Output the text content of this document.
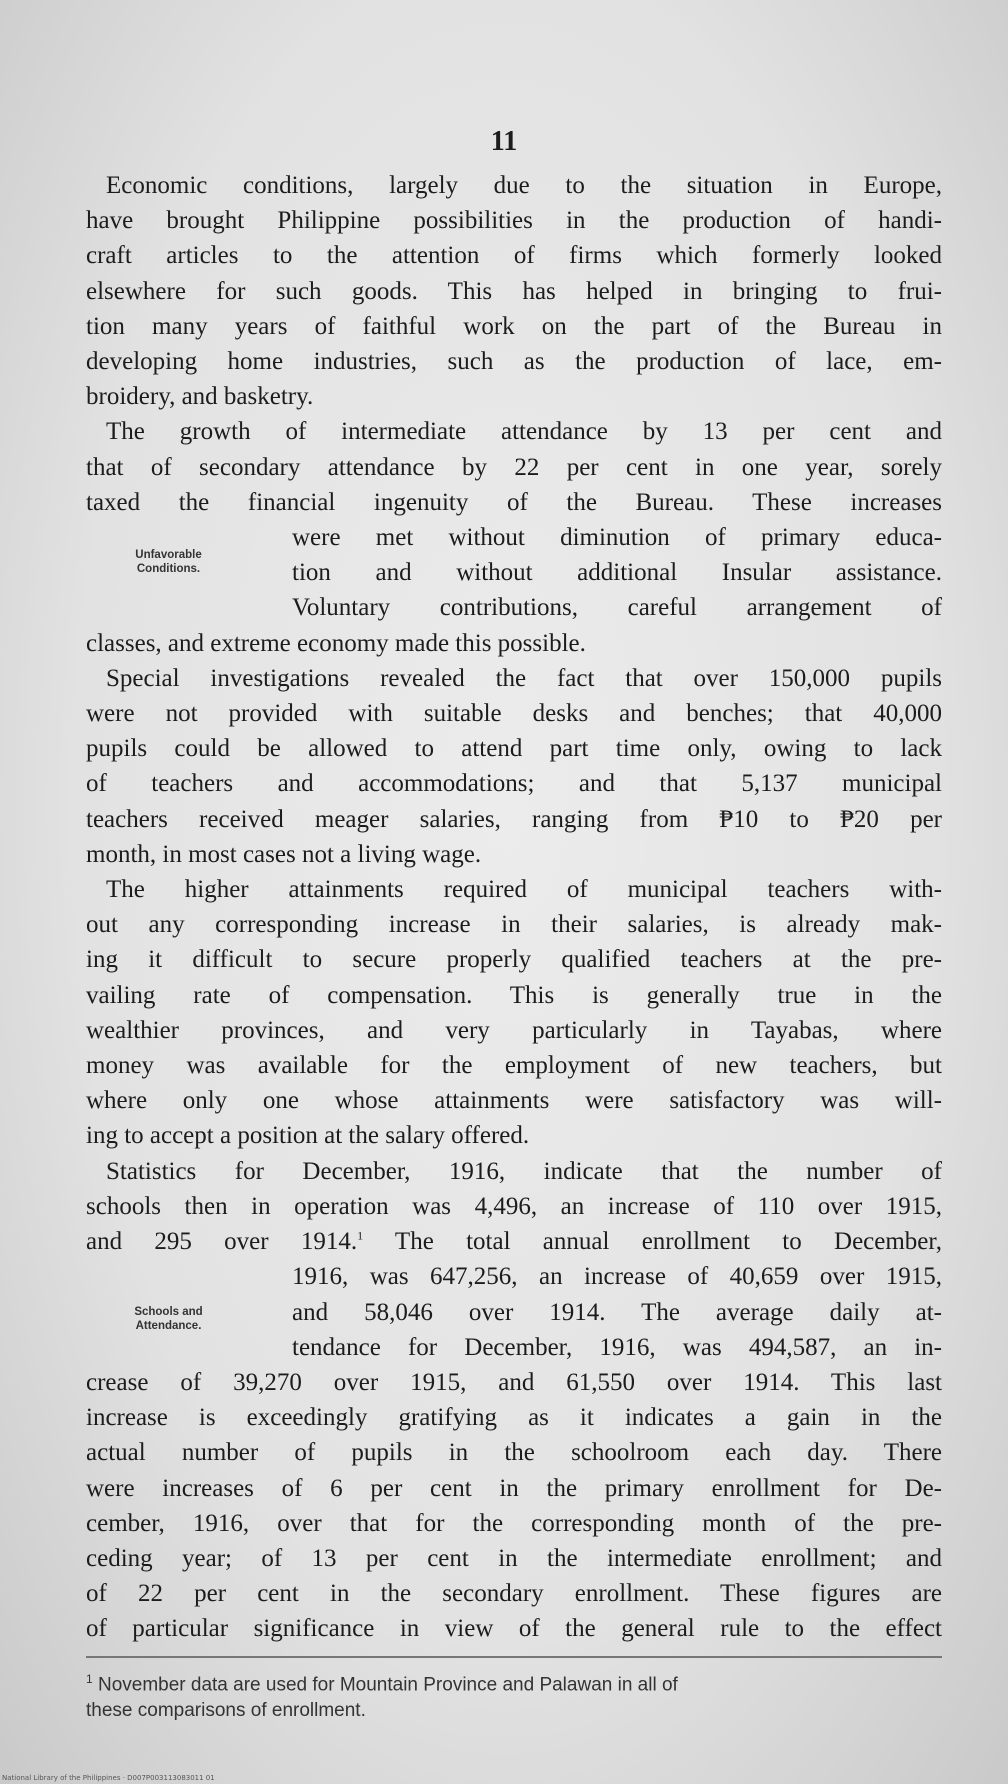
11
Economic conditions, largely due to the situation in Europe,
have brought Philippine possibilities in the production of handi-
craft articles to the attention of firms which formerly looked
elsewhere for such goods. This has helped in bringing to frui-
tion many years of faithful work on the part of the Bureau in
developing home industries, such as the production of lace, em-
broidery, and basketry.
The growth of intermediate attendance by 13 per cent and
that of secondary attendance by 22 per cent in one year, sorely
taxed the financial ingenuity of the Bureau. These increases
Unfavorable
Conditions.
were met without diminution of primary educa-
tion and without additional Insular assistance.
Voluntary contributions, careful arrangement of
classes, and extreme economy made this possible.
Special investigations revealed the fact that over 150,000 pupils
were not provided with suitable desks and benches; that 40,000
pupils could be allowed to attend part time only, owing to lack
of teachers and accommodations; and that 5,137 municipal
teachers received meager salaries, ranging from ₱10 to ₱20 per
month, in most cases not a living wage.
The higher attainments required of municipal teachers with-
out any corresponding increase in their salaries, is already mak-
ing it difficult to secure properly qualified teachers at the pre-
vailing rate of compensation. This is generally true in the
wealthier provinces, and very particularly in Tayabas, where
money was available for the employment of new teachers, but
where only one whose attainments were satisfactory was will-
ing to accept a position at the salary offered.
Statistics for December, 1916, indicate that the number of
schools then in operation was 4,496, an increase of 110 over 1915,
and 295 over 1914.$^1$ The total annual enrollment to December,
Schools and
Attendance.
1916, was 647,256, an increase of 40,659 over 1915,
and 58,046 over 1914. The average daily at-
tendance for December, 1916, was 494,587, an in-
crease of 39,270 over 1915, and 61,550 over 1914. This last
increase is exceedingly gratifying as it indicates a gain in the
actual number of pupils in the schoolroom each day. There
were increases of 6 per cent in the primary enrollment for De-
cember, 1916, over that for the corresponding month of the pre-
ceding year; of 13 per cent in the intermediate enrollment; and
of 22 per cent in the secondary enrollment. These figures are
of particular significance in view of the general rule to the effect
$^1$ November data are used for Mountain Province and Palawan in all of
these comparisons of enrollment.
National Library of the Philippines · D007P003113083011 01
